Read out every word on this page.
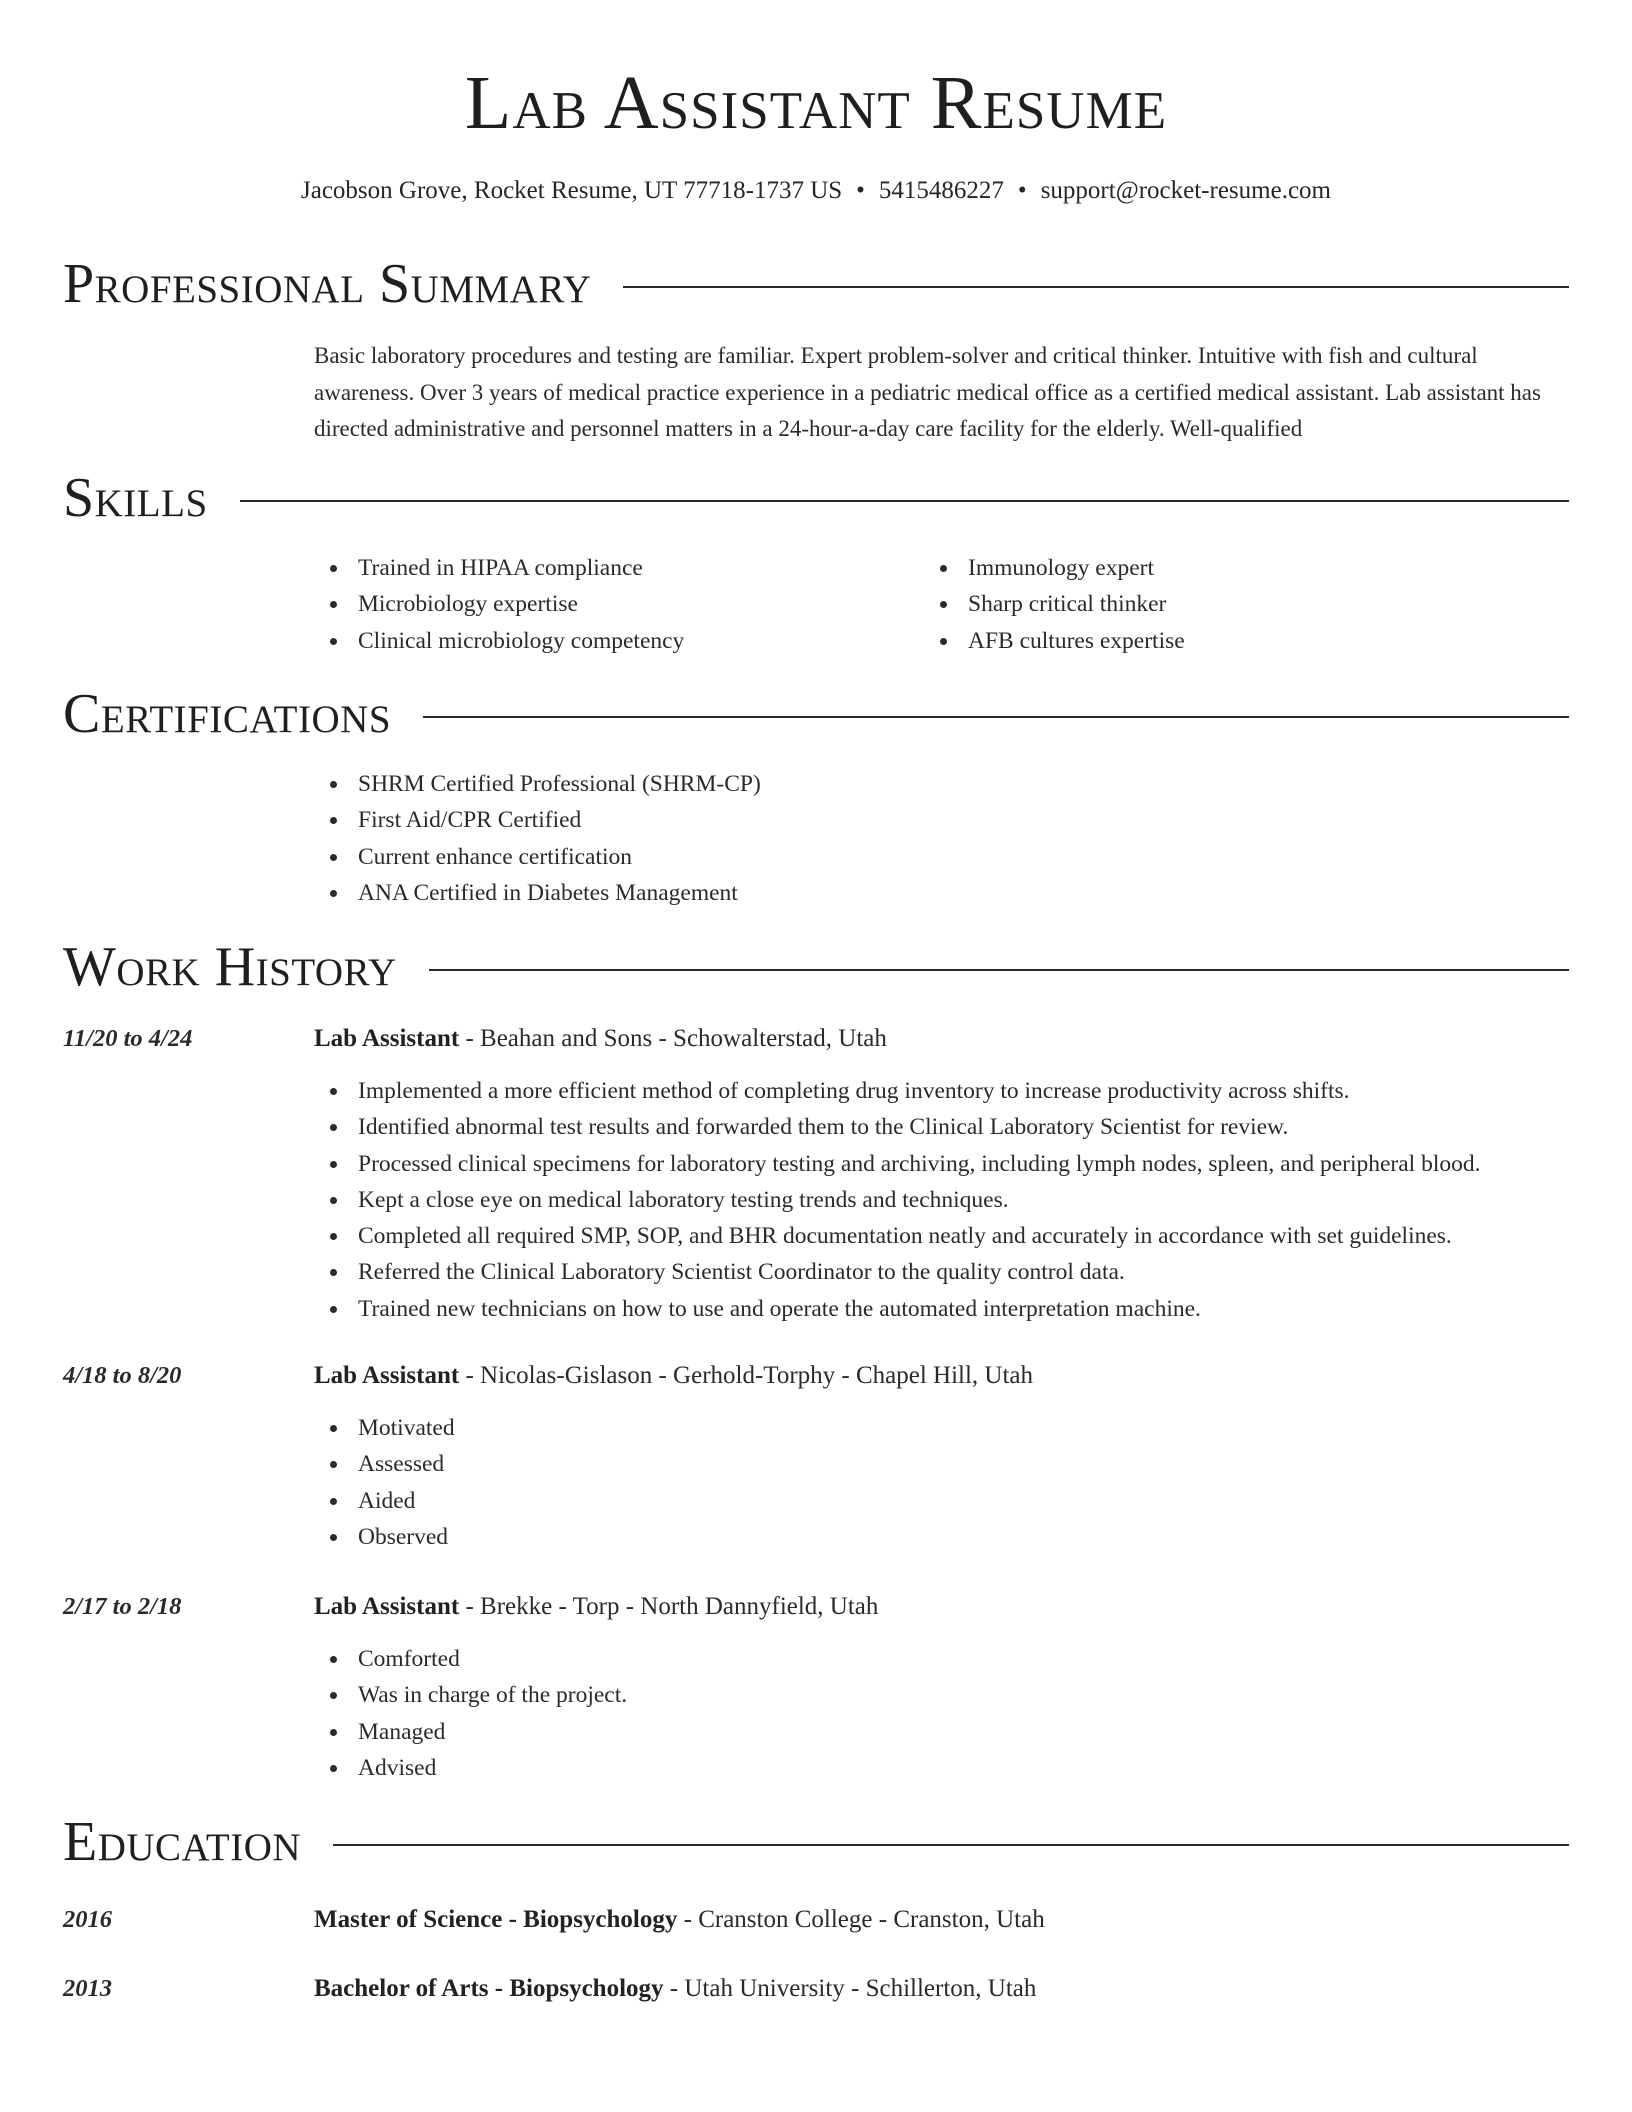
Lab Assistant Resume
Jacobson Grove, Rocket Resume, UT 77718-1737 US • 5415486227 • support@rocket-resume.com
Professional Summary
Basic laboratory procedures and testing are familiar. Expert problem-solver and critical thinker. Intuitive with fish and cultural awareness. Over 3 years of medical practice experience in a pediatric medical office as a certified medical assistant. Lab assistant has directed administrative and personnel matters in a 24-hour-a-day care facility for the elderly. Well-qualified
Skills
Trained in HIPAA compliance
Microbiology expertise
Clinical microbiology competency
Immunology expert
Sharp critical thinker
AFB cultures expertise
Certifications
SHRM Certified Professional (SHRM-CP)
First Aid/CPR Certified
Current enhance certification
ANA Certified in Diabetes Management
Work History
11/20 to 4/24	Lab Assistant - Beahan and Sons - Schowalterstad, Utah
Implemented a more efficient method of completing drug inventory to increase productivity across shifts.
Identified abnormal test results and forwarded them to the Clinical Laboratory Scientist for review.
Processed clinical specimens for laboratory testing and archiving, including lymph nodes, spleen, and peripheral blood.
Kept a close eye on medical laboratory testing trends and techniques.
Completed all required SMP, SOP, and BHR documentation neatly and accurately in accordance with set guidelines.
Referred the Clinical Laboratory Scientist Coordinator to the quality control data.
Trained new technicians on how to use and operate the automated interpretation machine.
4/18 to 8/20	Lab Assistant - Nicolas-Gislason - Gerhold-Torphy - Chapel Hill, Utah
Motivated
Assessed
Aided
Observed
2/17 to 2/18	Lab Assistant - Brekke - Torp - North Dannyfield, Utah
Comforted
Was in charge of the project.
Managed
Advised
Education
2016	Master of Science - Biopsychology - Cranston College - Cranston, Utah
2013	Bachelor of Arts - Biopsychology - Utah University - Schillerton, Utah
